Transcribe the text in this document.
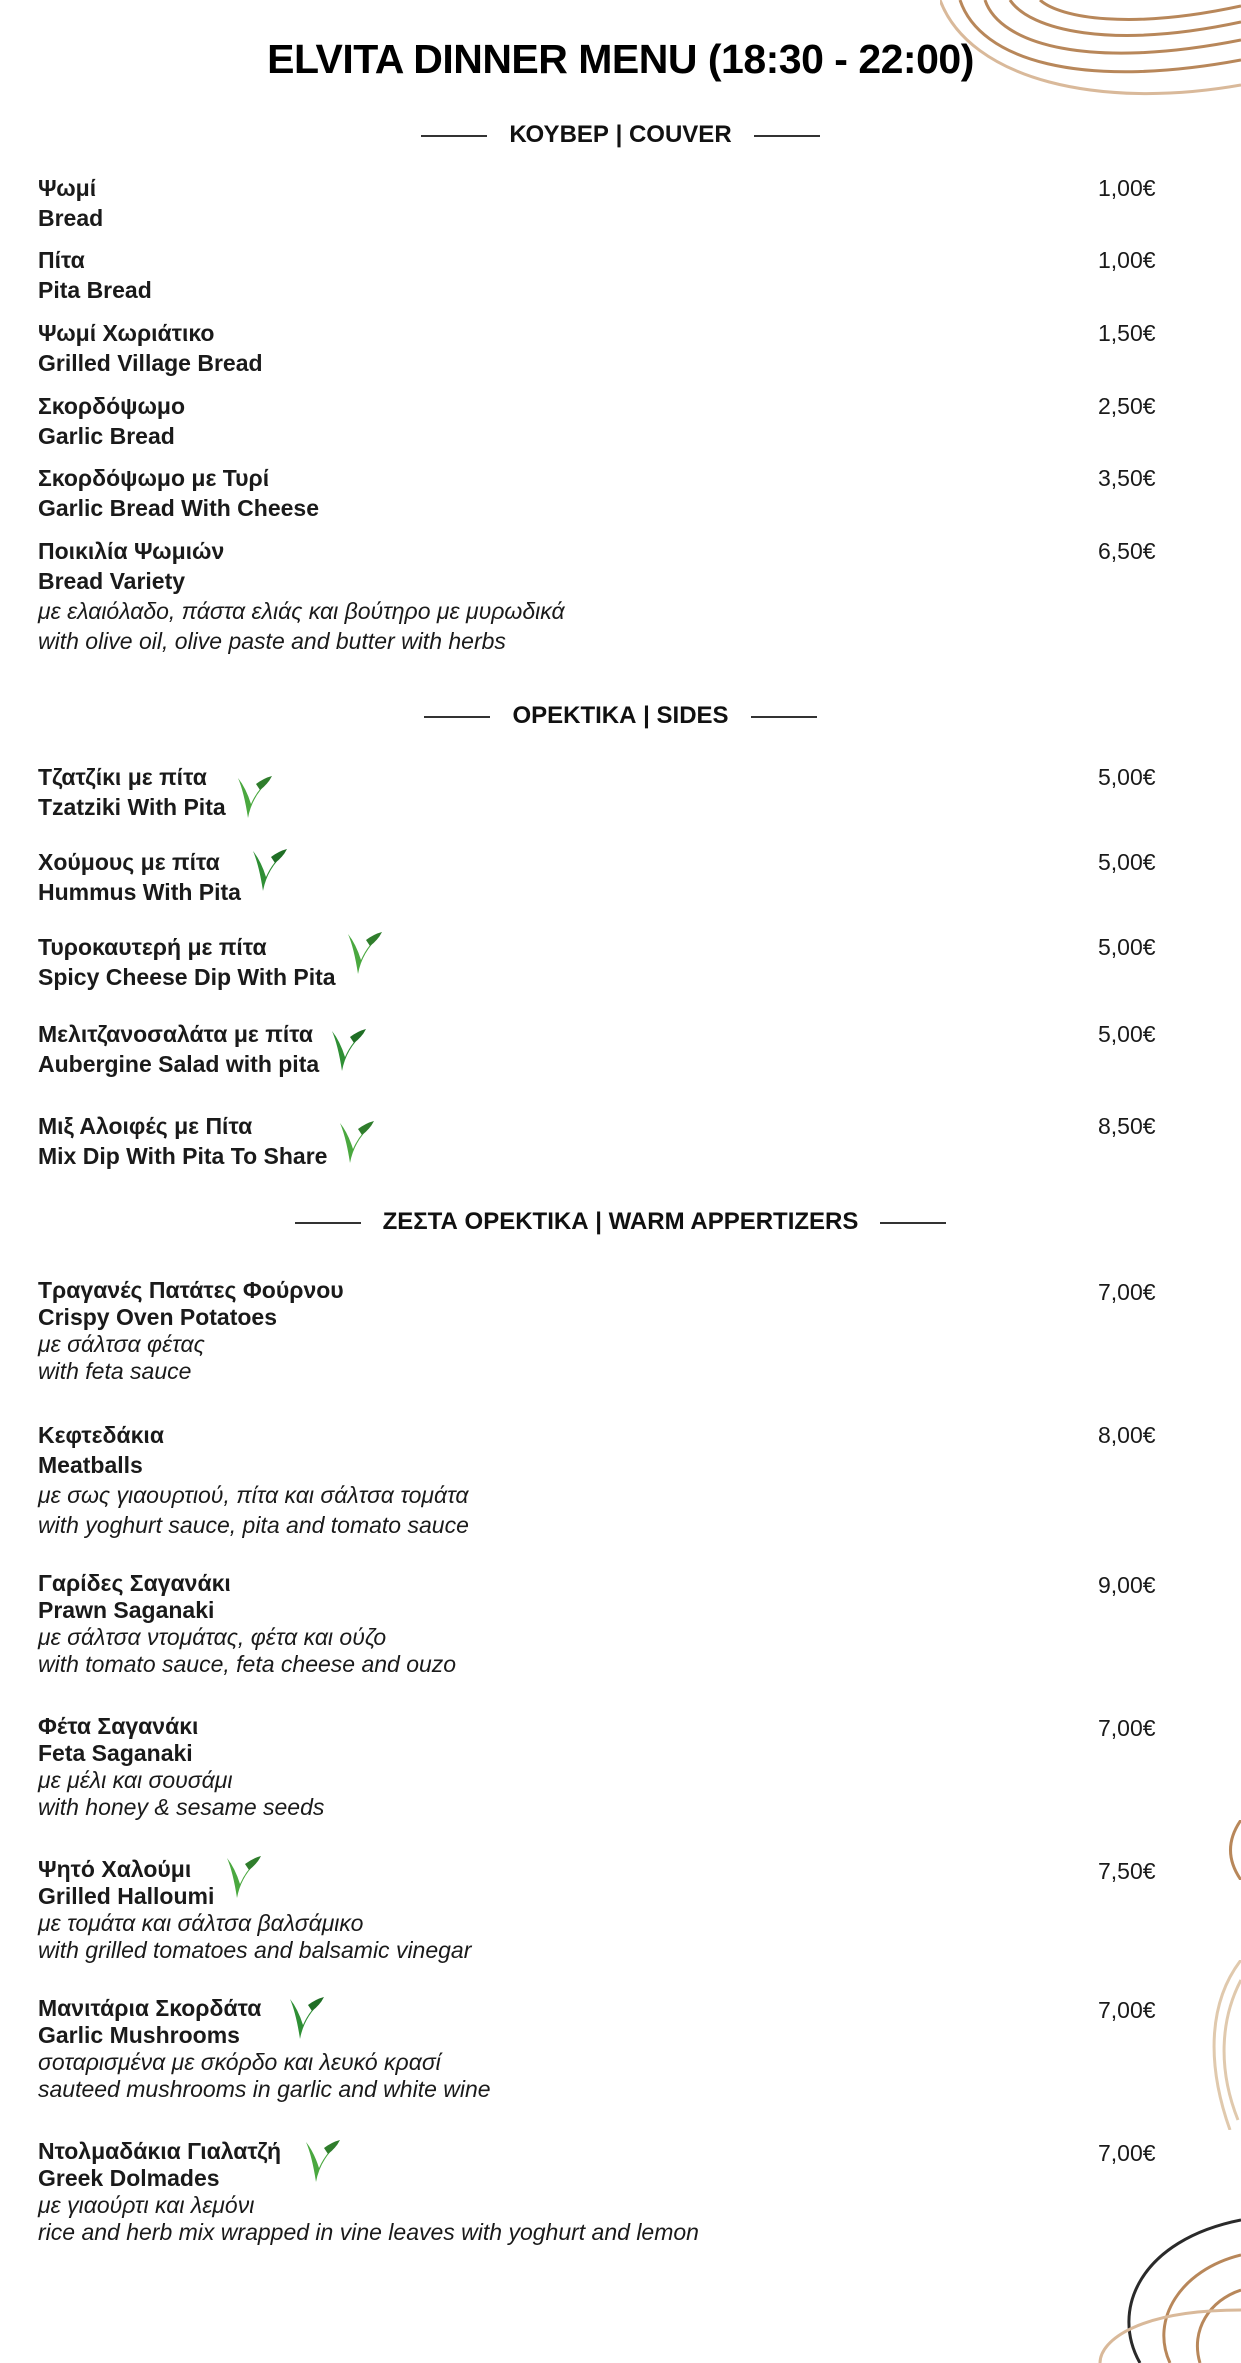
ELVITA DINNER MENU (18:30 - 22:00)
ΚΟΥΒΕΡ | COUVER
Ψωμί
Bread
1,00€
Πίτα
Pita Bread
1,00€
Ψωμί Χωριάτικο
Grilled Village Bread
1,50€
Σκορδόψωμο
Garlic Bread
2,50€
Σκορδόψωμο με Τυρί
Garlic Bread With Cheese
3,50€
Ποικιλία Ψωμιών
Bread Variety
με ελαιόλαδο, πάστα ελιάς και βούτηρο με μυρωδικά
with olive oil, olive paste and butter with herbs
6,50€
ΟΡΕΚΤΙΚΑ | SIDES
Τζατζίκι με πίτα
Tzatziki With Pita

5,00€
Χούμους με πίτα
Hummus With Pita

5,00€
Τυροκαυτερή με πίτα
Spicy Cheese Dip With Pita

5,00€
Μελιτζανοσαλάτα με πίτα
Aubergine Salad with pita

5,00€
Μιξ Αλοιφές με Πίτα
Mix Dip With Pita To Share

8,50€
ΖΕΣΤΑ ΟΡΕΚΤΙΚΑ | WARM APPERTIZERS
Τραγανές Πατάτες Φούρνου
Crispy Oven Potatoes
με σάλτσα φέτας
with feta sauce
7,00€
Κεφτεδάκια
Meatballs
με σως γιαουρτιού, πίτα και σάλτσα τομάτα
with yoghurt sauce, pita and tomato sauce
8,00€
Γαρίδες Σαγανάκι
Prawn Saganaki
με σάλτσα ντομάτας, φέτα και ούζο
with tomato sauce, feta cheese and ouzo
9,00€
Φέτα Σαγανάκι
Feta Saganaki
με μέλι και σουσάμι
with honey & sesame seeds
7,00€
Ψητό Χαλούμι
Grilled Halloumi

με τομάτα και σάλτσα βαλσάμικο
with grilled tomatoes and balsamic vinegar
7,50€
Μανιτάρια Σκορδάτα
Garlic Mushrooms

σοταρισμένα με σκόρδο και λευκό κρασί
sauteed mushrooms in garlic and white wine
7,00€
Ντολμαδάκια Γιαλατζή
Greek Dolmades

με γιαούρτι και λεμόνι
rice and herb mix wrapped in vine leaves with yoghurt and lemon
7,00€
